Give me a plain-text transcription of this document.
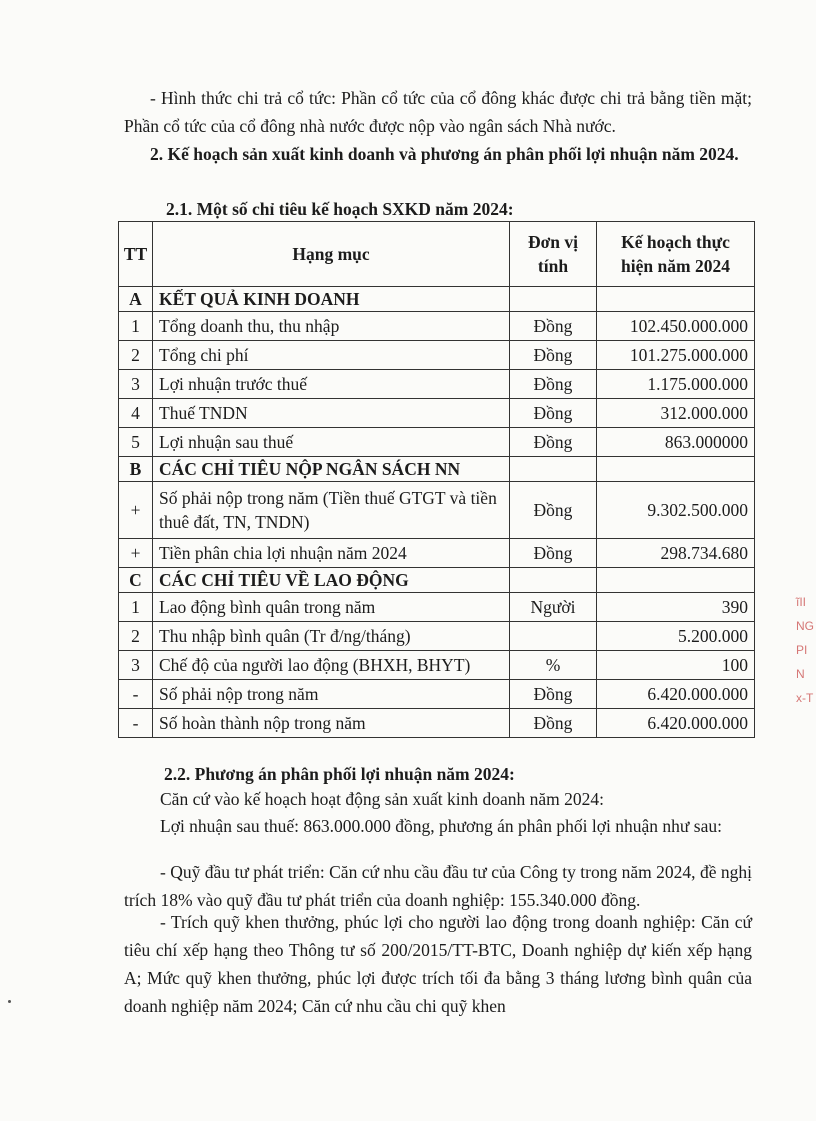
- Hình thức chi trả cổ tức: Phần cổ tức của cổ đông khác được chi trả bằng tiền mặt; Phần cổ tức của cổ đông nhà nước được nộp vào ngân sách Nhà nước.
2. Kế hoạch sản xuất kinh doanh và phương án phân phối lợi nhuận năm 2024.
2.1. Một số chỉ tiêu kế hoạch SXKD năm 2024:
TT	Hạng mục	Đơn vị tính	Kế hoạch thực hiện năm 2024
A	KẾT QUẢ KINH DOANH		
1	Tổng doanh thu, thu nhập	Đồng	102.450.000.000
2	Tổng chi phí	Đồng	101.275.000.000
3	Lợi nhuận trước thuế	Đồng	1.175.000.000
4	Thuế TNDN	Đồng	312.000.000
5	Lợi nhuận sau thuế	Đồng	863.000000
B	CÁC CHỈ TIÊU NỘP NGÂN SÁCH NN		
+	Số phải nộp trong năm (Tiền thuế GTGT và tiền thuê đất, TN, TNDN)	Đồng	9.302.500.000
+	Tiền phân chia lợi nhuận năm 2024	Đồng	298.734.680
C	CÁC CHỈ TIÊU VỀ LAO ĐỘNG		
1	Lao động bình quân trong năm	Người	390
2	Thu nhập bình quân (Tr đ/ng/tháng)		5.200.000
3	Chế độ của người lao động (BHXH, BHYT)	%	100
-	Số phải nộp trong năm	Đồng	6.420.000.000
-	Số hoàn thành nộp trong năm	Đồng	6.420.000.000
2.2. Phương án phân phối lợi nhuận năm 2024:
Căn cứ vào kế hoạch hoạt động sản xuất kinh doanh năm 2024:
Lợi nhuận sau thuế: 863.000.000 đồng, phương án phân phối lợi nhuận như sau:
- Quỹ đầu tư phát triển: Căn cứ nhu cầu đầu tư của Công ty trong năm 2024, đề nghị trích 18% vào quỹ đầu tư phát triển của doanh nghiệp: 155.340.000 đồng.
- Trích quỹ khen thưởng, phúc lợi cho người lao động trong doanh nghiệp: Căn cứ tiêu chí xếp hạng theo Thông tư số 200/2015/TT-BTC, Doanh nghiệp dự kiến xếp hạng A; Mức quỹ khen thưởng, phúc lợi được trích tối đa bằng 3 tháng lương bình quân của doanh nghiệp năm 2024; Căn cứ nhu cầu chi quỹ khen
ĩII
NG
PI
N
x-T
